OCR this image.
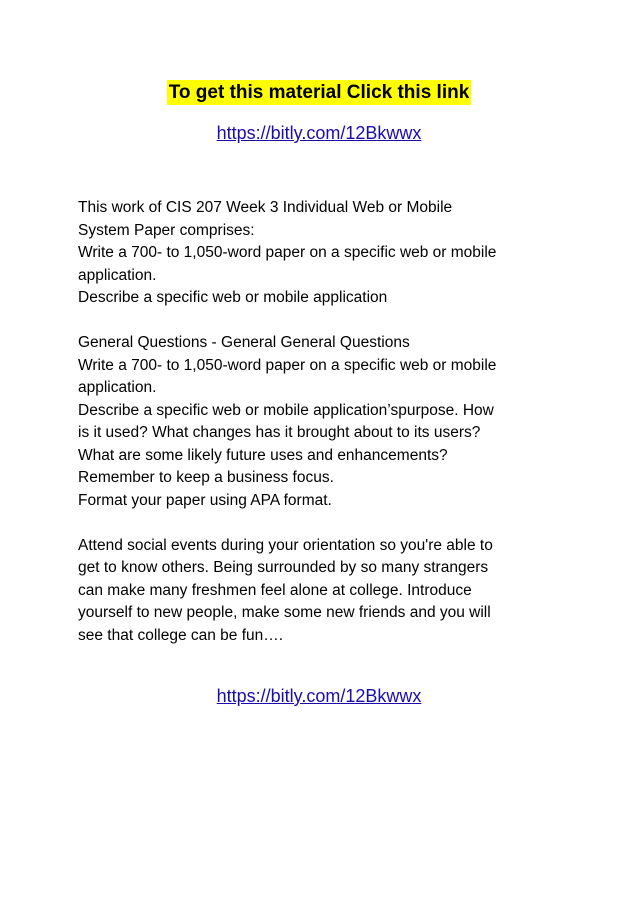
To get this material Click this link
https://bitly.com/12Bkwwx

This work of CIS 207 Week 3 Individual Web or Mobile
System Paper comprises:
Write a 700- to 1,050-word paper on a specific web or mobile
application.
Describe a specific web or mobile application

General Questions - General General Questions
Write a 700- to 1,050-word paper on a specific web or mobile
application.
Describe a specific web or mobile application’spurpose. How
is it used? What changes has it brought about to its users?
What are some likely future uses and enhancements?
Remember to keep a business focus.
Format your paper using APA format.

Attend social events during your orientation so you're able to
get to know others. Being surrounded by so many strangers
can make many freshmen feel alone at college. Introduce
yourself to new people, make some new friends and you will
see that college can be fun….

https://bitly.com/12Bkwwx
